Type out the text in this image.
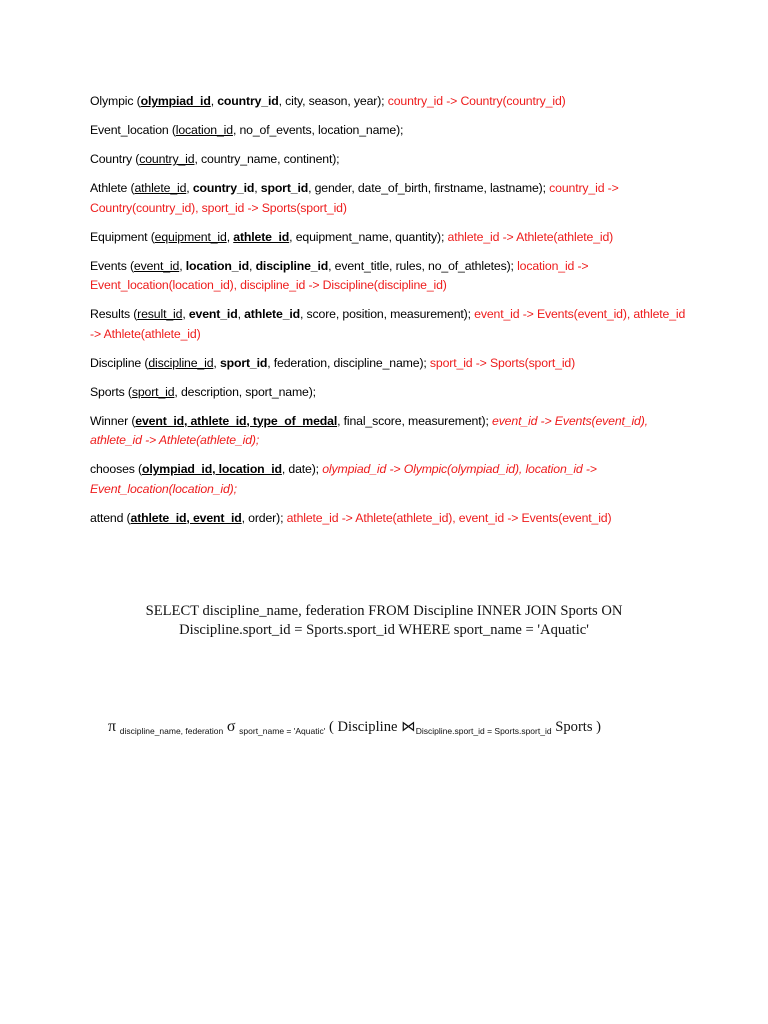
Olympic (olympiad_id, country_id, city, season, year); country_id -> Country(country_id)
Event_location (location_id, no_of_events, location_name);
Country (country_id, country_name, continent);
Athlete (athlete_id, country_id, sport_id, gender, date_of_birth, firstname, lastname); country_id -> Country(country_id), sport_id -> Sports(sport_id)
Equipment (equipment_id, athlete_id, equipment_name, quantity); athlete_id -> Athlete(athlete_id)
Events (event_id, location_id, discipline_id, event_title, rules, no_of_athletes); location_id -> Event_location(location_id), discipline_id -> Discipline(discipline_id)
Results (result_id, event_id, athlete_id, score, position, measurement); event_id -> Events(event_id), athlete_id -> Athlete(athlete_id)
Discipline (discipline_id, sport_id, federation, discipline_name); sport_id -> Sports(sport_id)
Sports (sport_id, description, sport_name);
Winner (event_id, athlete_id, type_of_medal, final_score, measurement); event_id -> Events(event_id), athlete_id -> Athlete(athlete_id);
chooses (olympiad_id, location_id, date); olympiad_id -> Olympic(olympiad_id), location_id -> Event_location(location_id);
attend (athlete_id, event_id, order); athlete_id -> Athlete(athlete_id), event_id -> Events(event_id)
SELECT discipline_name, federation FROM Discipline INNER JOIN Sports ON
Discipline.sport_id = Sports.sport_id WHERE sport_name = 'Aquatic'
π $_{discipline\_name, federation}$ σ $_{sport\_name = 'Aquatic'}$ ( Discipline $⋈_{Discipline.sport\_id = Sports.sport\_id}$ Sports )
